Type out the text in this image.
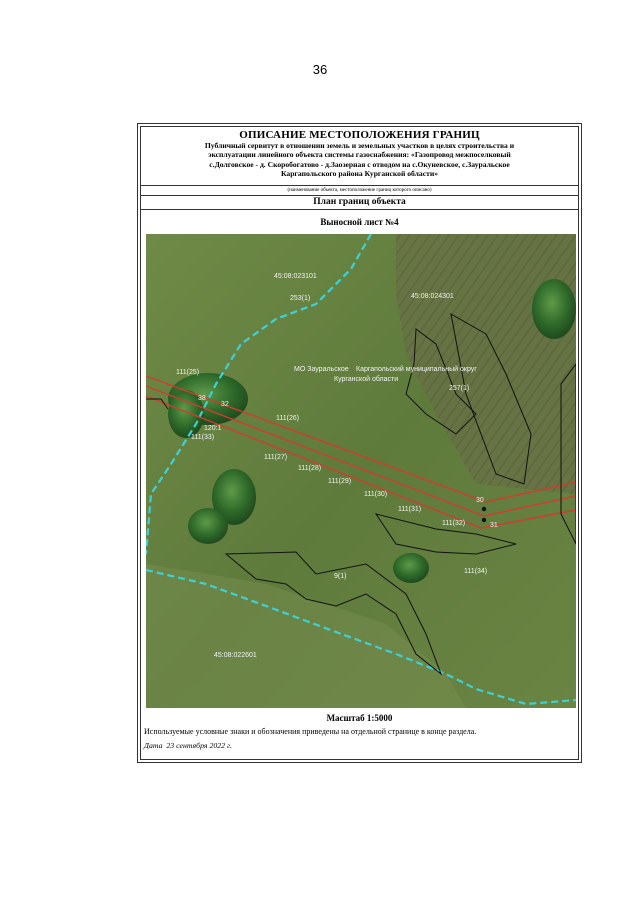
36
ОПИСАНИЕ МЕСТОПОЛОЖЕНИЯ ГРАНИЦ
Публичный сервитут в отношении земель и земельных участков в целях строительства и
эксплуатации линейного объекта системы газоснабжения: «Газопровод межпоселковый
с.Долговское - д. Скоробогатово - д.Заозерная с отводом на с.Окуневское, с.Зауральское
Каргапольского района Курганской области»
(наименование объекта, местоположение границ которого описано)
План границ объекта
Выносной лист №4
45:08:023101
45:08:024301
45:08:022601
МО Зауральское Каргапольский муниципальный округ
Курганской области
253(1)
257(1)
111(25)
111(26)
111(27)
111(28)
111(29)
111(30)
111(31)
111(32)
111(33)
111(34)
9(1)
120:1
30
31
32
38
Масштаб 1:5000
Используемые условные знаки и обозначения приведены на отдельной странице в конце раздела.
Дата 23 сентября 2022 г.
